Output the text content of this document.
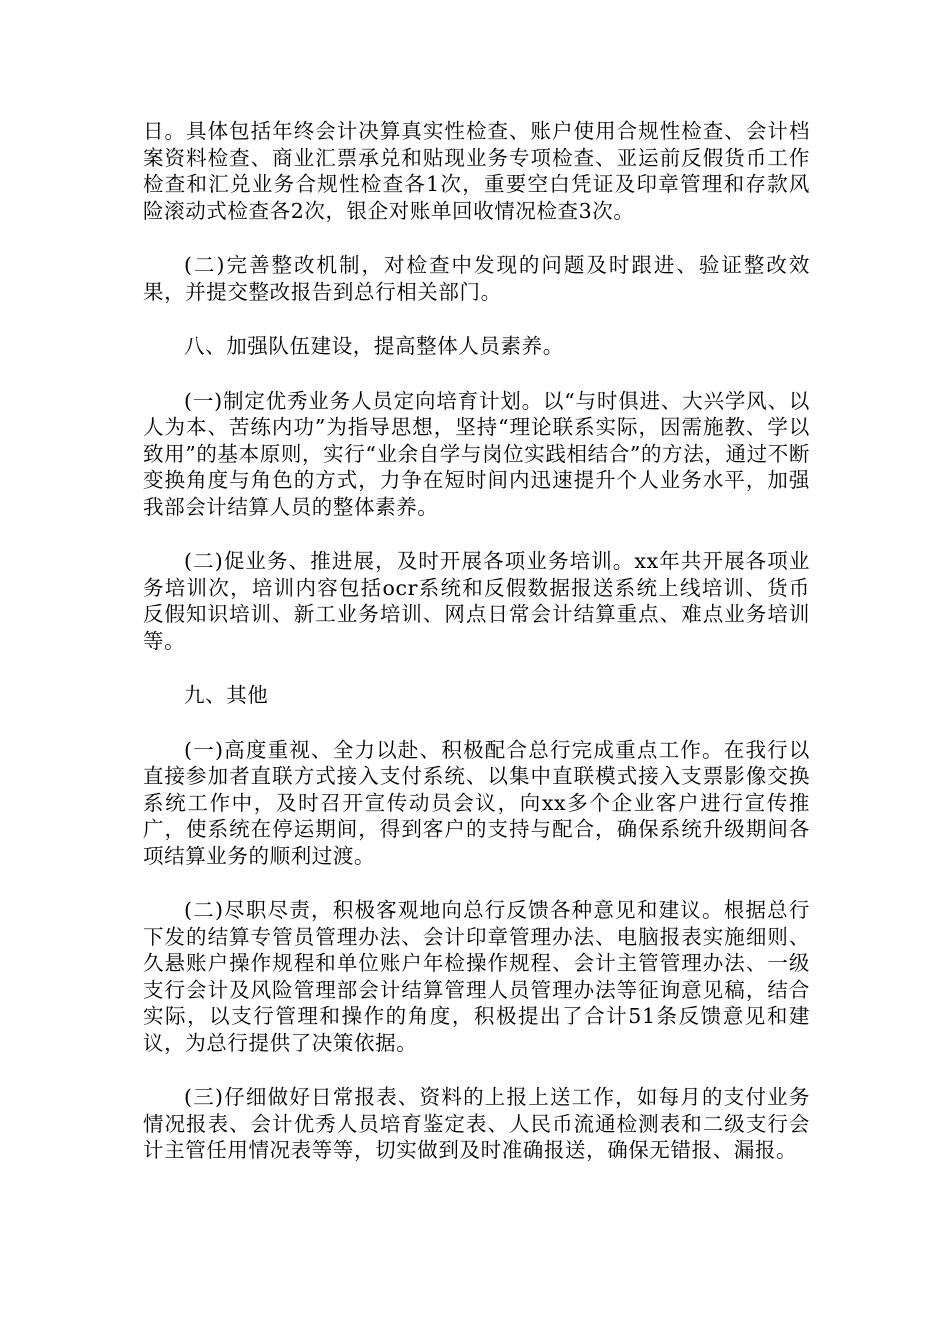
日。具体包括年终会计决算真实性检查、账户使用合规性检查、会计档案资料检查、商业汇票承兑和贴现业务专项检查、亚运前反假货币工作检查和汇兑业务合规性检查各1次，重要空白凭证及印章管理和存款风险滚动式检查各2次，银企对账单回收情况检查3次。

(二)完善整改机制，对检查中发现的问题及时跟进、验证整改效果，并提交整改报告到总行相关部门。

八、加强队伍建设，提高整体人员素养。

(一)制定优秀业务人员定向培育计划。以“与时俱进、大兴学风、以人为本、苦练内功”为指导思想，坚持“理论联系实际，因需施教、学以致用”的基本原则，实行“业余自学与岗位实践相结合”的方法，通过不断变换角度与角色的方式，力争在短时间内迅速提升个人业务水平，加强我部会计结算人员的整体素养。

(二)促业务、推进展，及时开展各项业务培训。xx年共开展各项业务培训次，培训内容包括ocr系统和反假数据报送系统上线培训、货币反假知识培训、新工业务培训、网点日常会计结算重点、难点业务培训等。

九、其他

(一)高度重视、全力以赴、积极配合总行完成重点工作。在我行以直接参加者直联方式接入支付系统、以集中直联模式接入支票影像交换系统工作中，及时召开宣传动员会议，向xx多个企业客户进行宣传推广，使系统在停运期间，得到客户的支持与配合，确保系统升级期间各项结算业务的顺利过渡。

(二)尽职尽责，积极客观地向总行反馈各种意见和建议。根据总行下发的结算专管员管理办法、会计印章管理办法、电脑报表实施细则、久悬账户操作规程和单位账户年检操作规程、会计主管管理办法、一级支行会计及风险管理部会计结算管理人员管理办法等征询意见稿，结合实际，以支行管理和操作的角度，积极提出了合计51条反馈意见和建议，为总行提供了决策依据。

(三)仔细做好日常报表、资料的上报上送工作，如每月的支付业务情况报表、会计优秀人员培育鉴定表、人民币流通检测表和二级支行会计主管任用情况表等等，切实做到及时准确报送，确保无错报、漏报。
